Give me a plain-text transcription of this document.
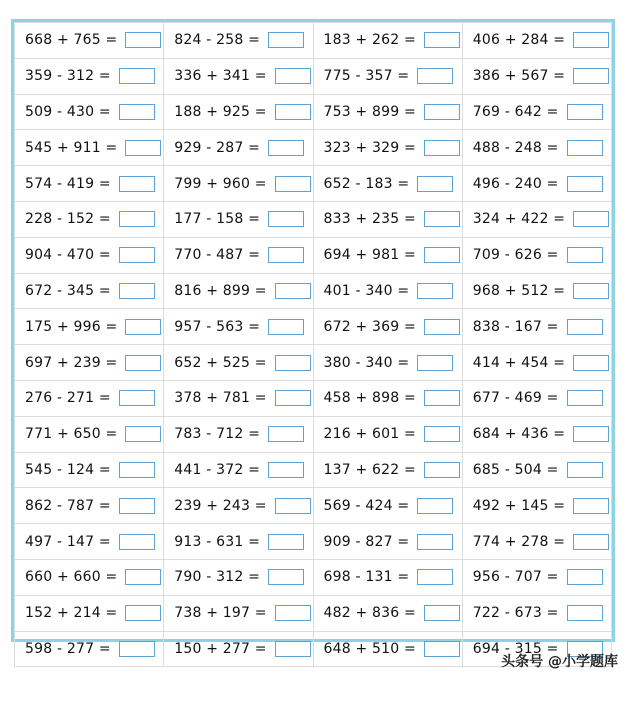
668 + 765 =	824 - 258 =	183 + 262 =	406 + 284 =

359 - 312 =	336 + 341 =	775 - 357 =	386 + 567 =

509 - 430 =	188 + 925 =	753 + 899 =	769 - 642 =

545 + 911 =	929 - 287 =	323 + 329 =	488 - 248 =

574 - 419 =	799 + 960 =	652 - 183 =	496 - 240 =

228 - 152 =	177 - 158 =	833 + 235 =	324 + 422 =

904 - 470 =	770 - 487 =	694 + 981 =	709 - 626 =

672 - 345 =	816 + 899 =	401 - 340 =	968 + 512 =

175 + 996 =	957 - 563 =	672 + 369 =	838 - 167 =

697 + 239 =	652 + 525 =	380 - 340 =	414 + 454 =

276 - 271 =	378 + 781 =	458 + 898 =	677 - 469 =

771 + 650 =	783 - 712 =	216 + 601 =	684 + 436 =

545 - 124 =	441 - 372 =	137 + 622 =	685 - 504 =

862 - 787 =	239 + 243 =	569 - 424 =	492 + 145 =

497 - 147 =	913 - 631 =	909 - 827 =	774 + 278 =

660 + 660 =	790 - 312 =	698 - 131 =	956 - 707 =

152 + 214 =	738 + 197 =	482 + 836 =	722 - 673 =

598 - 277 =	150 + 277 =	648 + 510 =	694 - 315 =
头条号 @小学题库
